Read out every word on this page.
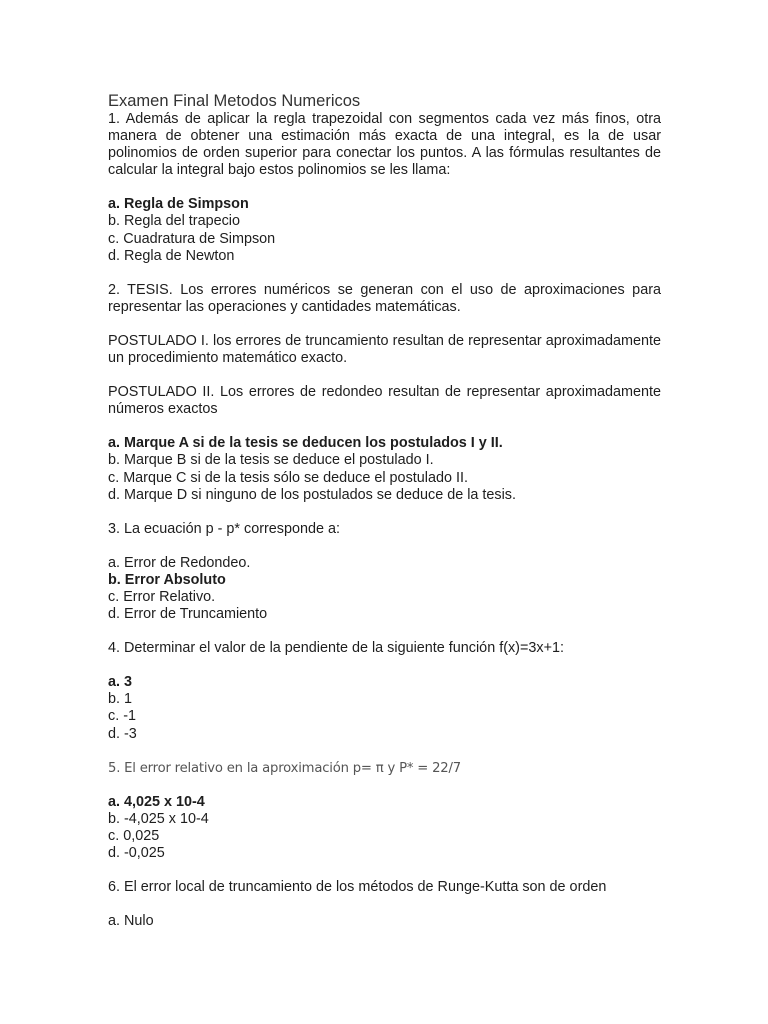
Examen Final Metodos Numericos

1. Además de aplicar la regla trapezoidal con segmentos cada vez más finos, otra manera de obtener una estimación más exacta de una integral, es la de usar polinomios de orden superior para conectar los puntos. A las fórmulas resultantes de calcular la integral bajo estos polinomios se les llama:

a. Regla de Simpson

b. Regla del trapecio

c. Cuadratura de Simpson

d. Regla de Newton

2. TESIS. Los errores numéricos se generan con el uso de aproximaciones para representar las operaciones y cantidades matemáticas.

POSTULADO I. los errores de truncamiento resultan de representar aproximadamente un procedimiento matemático exacto.

POSTULADO II. Los errores de redondeo resultan de representar aproximadamente números exactos

a. Marque A si de la tesis se deducen los postulados I y II.

b. Marque B si de la tesis se deduce el postulado I.

c. Marque C si de la tesis sólo se deduce el postulado II.

d. Marque D si ninguno de los postulados se deduce de la tesis.

3. La ecuación p - p* corresponde a:

a. Error de Redondeo.

b. Error Absoluto

c. Error Relativo.

d. Error de Truncamiento

4. Determinar el valor de la pendiente de la siguiente función f(x)=3x+1:

a. 3

b. 1

c. -1

d. -3

5. El error relativo en la aproximación p= π y P* = 22/7

a. 4,025 x 10-4

b. -4,025 x 10-4

c. 0,025

d. -0,025

6. El error local de truncamiento de los métodos de Runge-Kutta son de orden

a. Nulo
